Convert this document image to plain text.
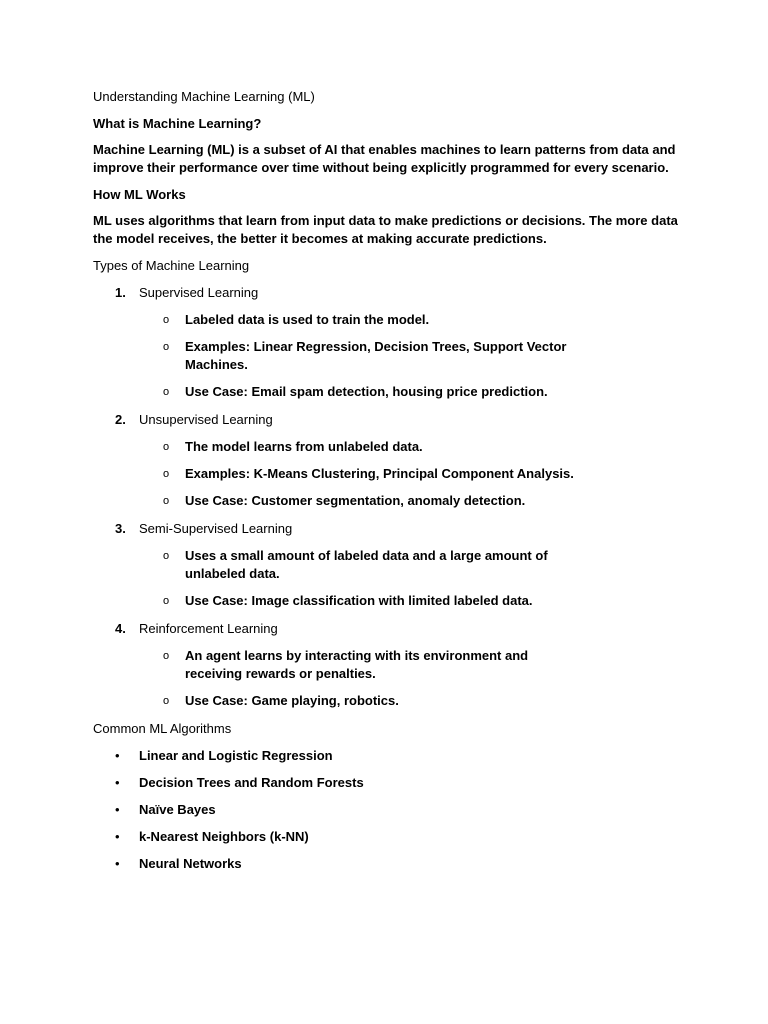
Understanding Machine Learning (ML)
What is Machine Learning?
Machine Learning (ML) is a subset of AI that enables machines to learn patterns from data and improve their performance over time without being explicitly programmed for every scenario.
How ML Works
ML uses algorithms that learn from input data to make predictions or decisions. The more data the model receives, the better it becomes at making accurate predictions.
Types of Machine Learning
1. Supervised Learning
o Labeled data is used to train the model.
o Examples: Linear Regression, Decision Trees, Support Vector Machines.
o Use Case: Email spam detection, housing price prediction.
2. Unsupervised Learning
o The model learns from unlabeled data.
o Examples: K-Means Clustering, Principal Component Analysis.
o Use Case: Customer segmentation, anomaly detection.
3. Semi-Supervised Learning
o Uses a small amount of labeled data and a large amount of unlabeled data.
o Use Case: Image classification with limited labeled data.
4. Reinforcement Learning
o An agent learns by interacting with its environment and receiving rewards or penalties.
o Use Case: Game playing, robotics.
Common ML Algorithms
• Linear and Logistic Regression
• Decision Trees and Random Forests
• Naïve Bayes
• k-Nearest Neighbors (k-NN)
• Neural Networks
